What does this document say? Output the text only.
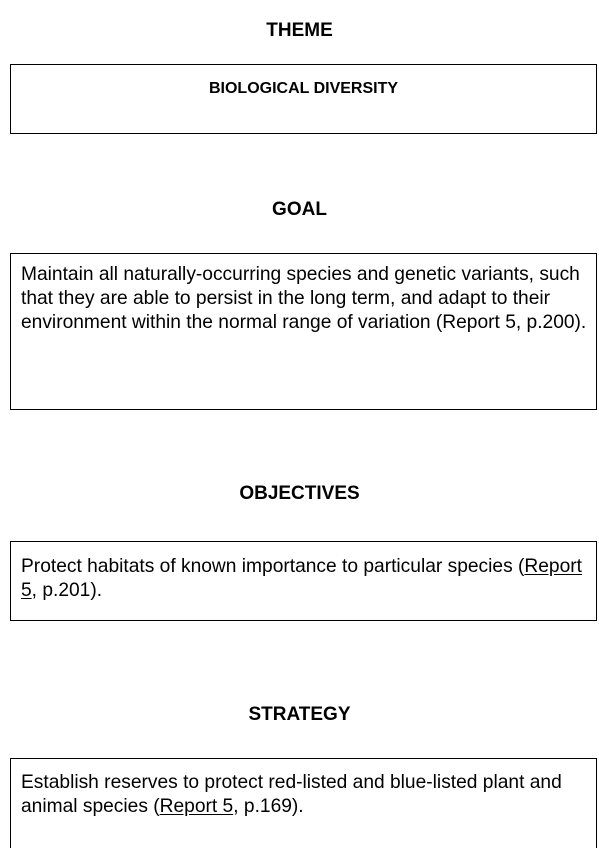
THEME

BIOLOGICAL DIVERSITY

GOAL

Maintain all naturally-occurring species and genetic variants, such that they are able to persist in the long term, and adapt to their environment within the normal range of variation (Report 5, p.200).

OBJECTIVES

Protect habitats of known importance to particular species (Report 5, p.201).

STRATEGY

Establish reserves to protect red-listed and blue-listed plant and animal species (Report 5, p.169).
